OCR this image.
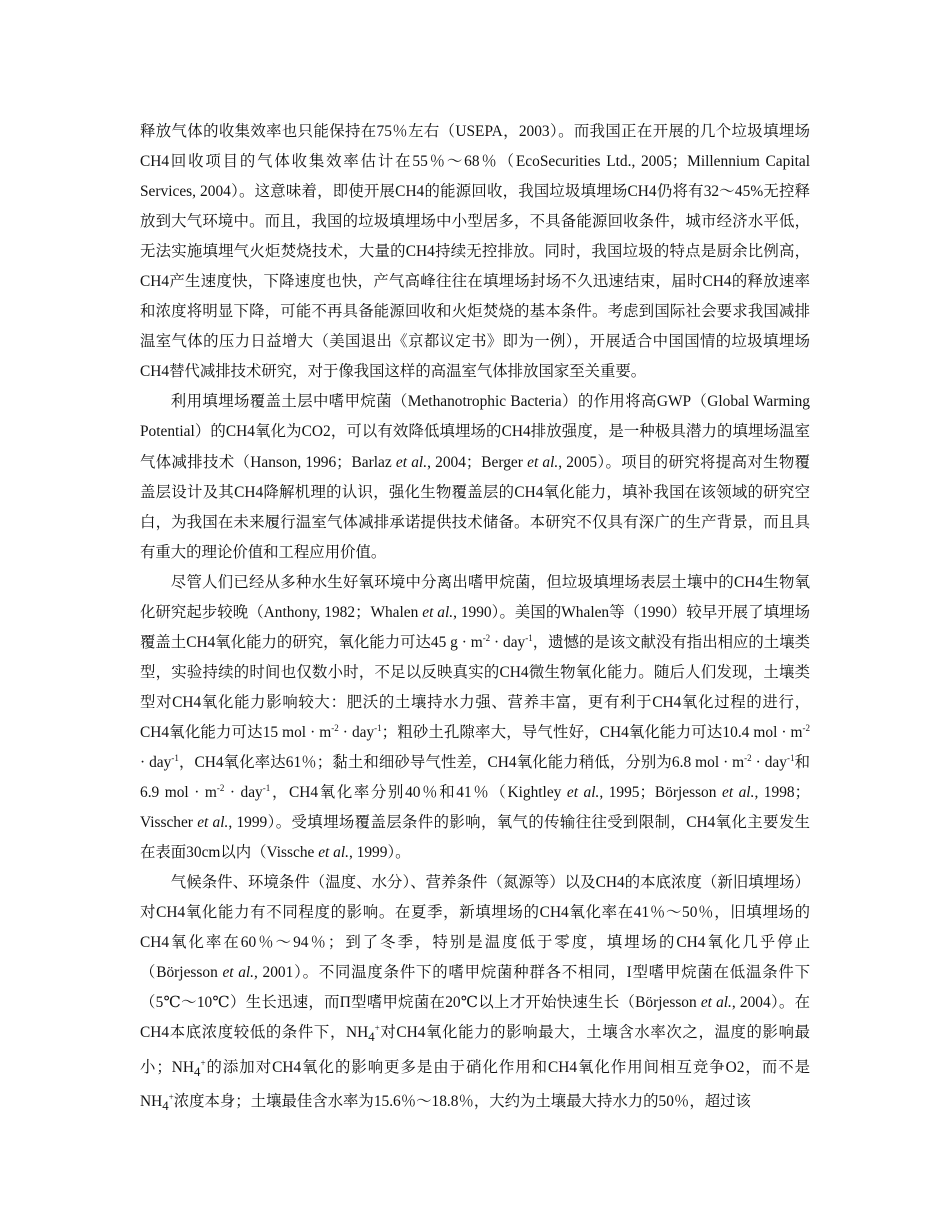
释放气体的收集效率也只能保持在75％左右（USEPA，2003）。而我国正在开展的几个垃圾填埋场CH4回收项目的气体收集效率估计在55％～68％（EcoSecurities Ltd., 2005；Millennium Capital Services, 2004）。这意味着，即使开展CH4的能源回收，我国垃圾填埋场CH4仍将有32～45%无控释放到大气环境中。而且，我国的垃圾填埋场中小型居多，不具备能源回收条件，城市经济水平低，无法实施填埋气火炬焚烧技术，大量的CH4持续无控排放。同时，我国垃圾的特点是厨余比例高，CH4产生速度快，下降速度也快，产气高峰往往在填埋场封场不久迅速结束，届时CH4的释放速率和浓度将明显下降，可能不再具备能源回收和火炬焚烧的基本条件。考虑到国际社会要求我国减排温室气体的压力日益增大（美国退出《京都议定书》即为一例），开展适合中国国情的垃圾填埋场CH4替代减排技术研究，对于像我国这样的高温室气体排放国家至关重要。

利用填埋场覆盖土层中嗜甲烷菌（Methanotrophic Bacteria）的作用将高GWP（Global Warming Potential）的CH4氧化为CO2，可以有效降低填埋场的CH4排放强度，是一种极具潜力的填埋场温室气体减排技术（Hanson, 1996；Barlaz et al., 2004；Berger et al., 2005）。项目的研究将提高对生物覆盖层设计及其CH4降解机理的认识，强化生物覆盖层的CH4氧化能力，填补我国在该领域的研究空白，为我国在未来履行温室气体减排承诺提供技术储备。本研究不仅具有深广的生产背景，而且具有重大的理论价值和工程应用价值。

尽管人们已经从多种水生好氧环境中分离出嗜甲烷菌，但垃圾填埋场表层土壤中的CH4生物氧化研究起步较晚（Anthony, 1982；Whalen et al., 1990）。美国的Whalen等（1990）较早开展了填埋场覆盖土CH4氧化能力的研究，氧化能力可达45 $g \cdot m^{-2} \cdot day^{-1}$，遗憾的是该文献没有指出相应的土壤类型，实验持续的时间也仅数小时，不足以反映真实的CH4微生物氧化能力。随后人们发现，土壤类型对CH4氧化能力影响较大：肥沃的土壤持水力强、营养丰富，更有利于CH4氧化过程的进行，CH4氧化能力可达15 mol · $m^{-2} \cdot day^{-1}$；粗砂土孔隙率大，导气性好，CH4氧化能力可达10.4 mol · $m^{-2} \cdot day^{-1}$，CH4氧化率达61％；黏土和细砂导气性差，CH4氧化能力稍低，分别为6.8 mol · $m^{-2} \cdot day^{-1}$和6.9 mol · $m^{-2} \cdot day^{-1}$，CH4氧化率分别40％和41％（Kightley et al., 1995；Börjesson et al., 1998；Visscher et al., 1999）。受填埋场覆盖层条件的影响，氧气的传输往往受到限制，CH4氧化主要发生在表面30cm以内（Vissche et al., 1999）。

气候条件、环境条件（温度、水分）、营养条件（氮源等）以及CH4的本底浓度（新旧填埋场）对CH4氧化能力有不同程度的影响。在夏季，新填埋场的CH4氧化率在41％～50％，旧填埋场的CH4氧化率在60％～94％；到了冬季，特别是温度低于零度，填埋场的CH4氧化几乎停止（Börjesson et al., 2001）。不同温度条件下的嗜甲烷菌种群各不相同，I型嗜甲烷菌在低温条件下（5℃～10℃）生长迅速，而Π型嗜甲烷菌在20℃以上才开始快速生长（Börjesson et al., 2004）。在CH4本底浓度较低的条件下，$NH_4^+$对CH4氧化能力的影响最大，土壤含水率次之，温度的影响最小；$NH_4^+$的添加对CH4氧化的影响更多是由于硝化作用和CH4氧化作用间相互竞争O2，而不是$NH_4^+$浓度本身；土壤最佳含水率为15.6％～18.8％，大约为土壤最大持水力的50％，超过该
